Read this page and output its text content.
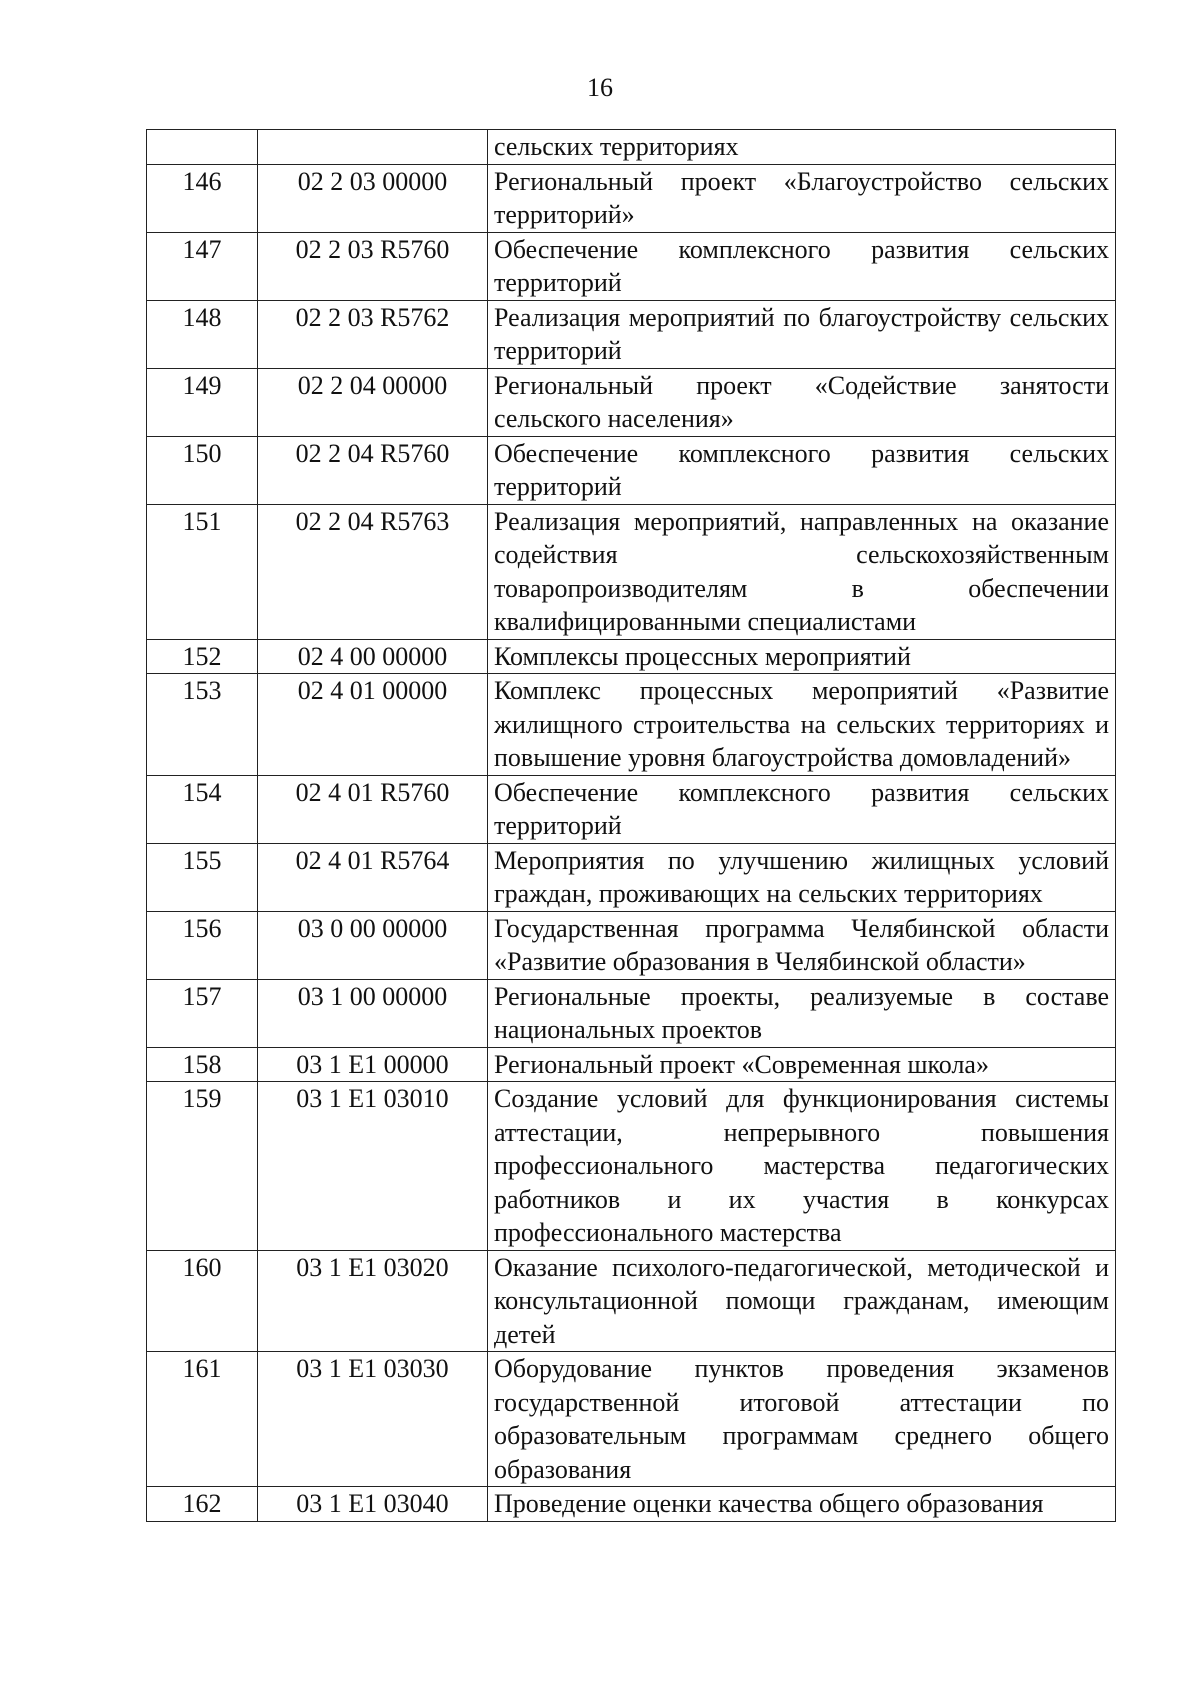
16
		сельских территориях
146	02 2 03 00000	Региональный проект «Благоустройство сельских территорий»
147	02 2 03 R5760	Обеспечение комплексного развития сельских территорий
148	02 2 03 R5762	Реализация мероприятий по благоустройству сельских территорий
149	02 2 04 00000	Региональный проект «Содействие занятости сельского населения»
150	02 2 04 R5760	Обеспечение комплексного развития сельских территорий
151	02 2 04 R5763	Реализация мероприятий, направленных на оказание содействия сельскохозяйственным товаропроизводителям в обеспечении квалифицированными специалистами
152	02 4 00 00000	Комплексы процессных мероприятий
153	02 4 01 00000	Комплекс процессных мероприятий «Развитие жилищного строительства на сельских территориях и повышение уровня благоустройства домовладений»
154	02 4 01 R5760	Обеспечение комплексного развития сельских территорий
155	02 4 01 R5764	Мероприятия по улучшению жилищных условий граждан, проживающих на сельских территориях
156	03 0 00 00000	Государственная программа Челябинской области «Развитие образования в Челябинской области»
157	03 1 00 00000	Региональные проекты, реализуемые в составе национальных проектов
158	03 1 E1 00000	Региональный проект «Современная школа»
159	03 1 E1 03010	Создание условий для функционирования системы аттестации, непрерывного повышения профессионального мастерства педагогических работников и их участия в конкурсах профессионального мастерства
160	03 1 E1 03020	Оказание психолого-педагогической, методической и консультационной помощи гражданам, имеющим детей
161	03 1 E1 03030	Оборудование пунктов проведения экзаменов государственной итоговой аттестации по образовательным программам среднего общего образования
162	03 1 E1 03040	Проведение оценки качества общего образования
